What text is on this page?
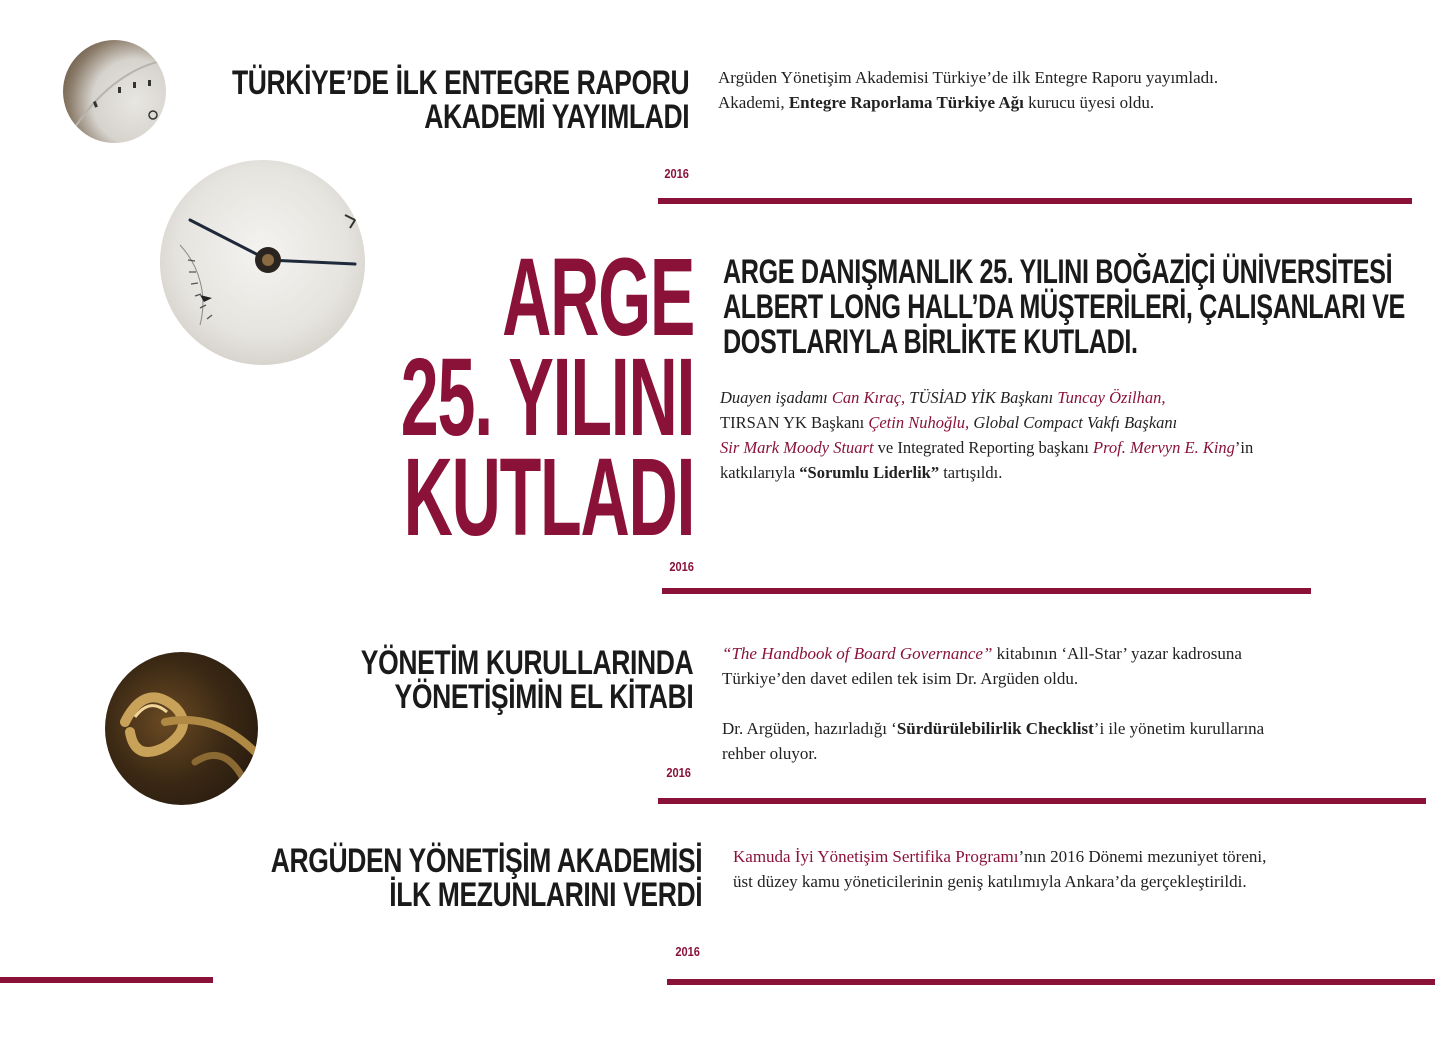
TÜRKİYE’DE İLK ENTEGRE RAPORU
AKADEMİ YAYIMLADI
2016
Argüden Yönetişim Akademisi Türkiye’de ilk Entegre Raporu yayımladı.
Akademi, Entegre Raporlama Türkiye Ağı kurucu üyesi oldu.
ARGE
25. YILINI
KUTLADI
2016
ARGE DANIŞMANLIK 25. YILINI BOĞAZİÇİ ÜNİVERSİTESİ
ALBERT LONG HALL’DA MÜŞTERİLERİ, ÇALIŞANLARI VE
DOSTLARIYLA BİRLİKTE KUTLADI.
Duayen işadamı Can Kıraç, TÜSİAD YİK Başkanı Tuncay Özilhan,
TIRSAN YK Başkanı Çetin Nuhoğlu, Global Compact Vakfı Başkanı
Sir Mark Moody Stuart ve Integrated Reporting başkanı Prof. Mervyn E. King’in
katkılarıyla “Sorumlu Liderlik” tartışıldı.
YÖNETİM KURULLARINDA
YÖNETİŞİMİN EL KİTABI
2016
“The Handbook of Board Governance” kitabının ‘All-Star’ yazar kadrosuna
Türkiye’den davet edilen tek isim Dr. Argüden oldu.
Dr. Argüden, hazırladığı ‘Sürdürülebilirlik Checklist’i ile yönetim kurullarına
rehber oluyor.
ARGÜDEN YÖNETİŞİM AKADEMİSİ
İLK MEZUNLARINI VERDİ
2016
Kamuda İyi Yönetişim Sertifika Programı’nın 2016 Dönemi mezuniyet töreni,
üst düzey kamu yöneticilerinin geniş katılımıyla Ankara’da gerçekleştirildi.
